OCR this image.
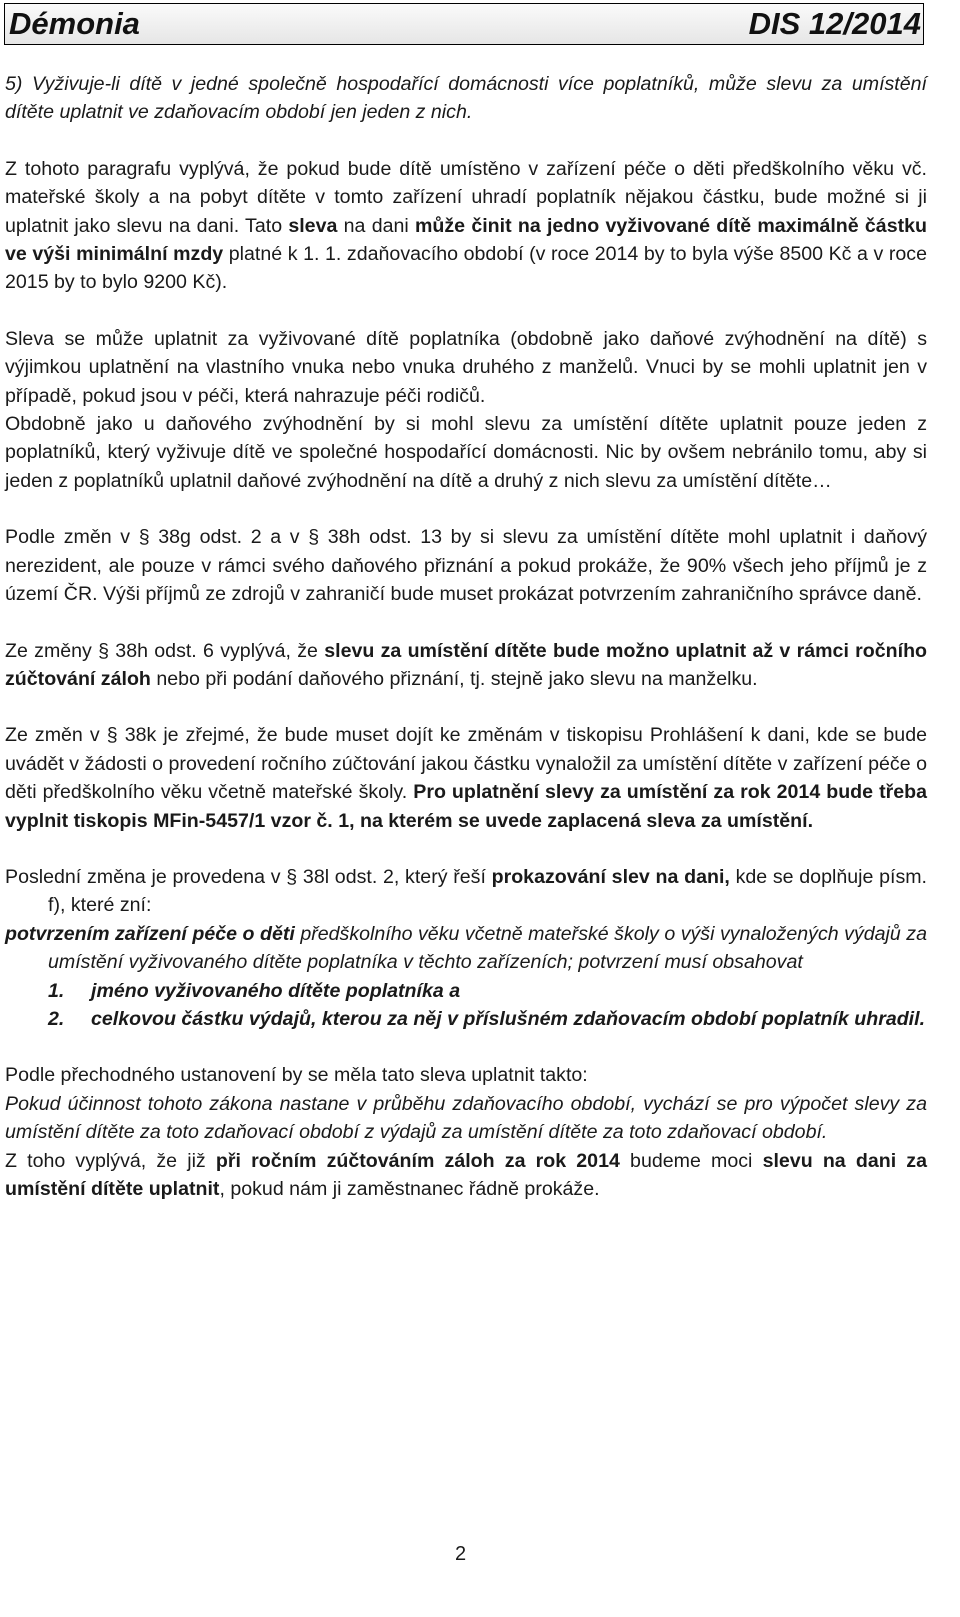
Démonia	DIS 12/2014

5) Vyživuje-li dítě v jedné společně hospodařící domácnosti více poplatníků, může slevu za umístění dítěte uplatnit ve zdaňovacím období jen jeden z nich.

Z tohoto paragrafu vyplývá, že pokud bude dítě umístěno v zařízení péče o děti předškolního věku vč. mateřské školy a na pobyt dítěte v tomto zařízení uhradí poplatník nějakou částku, bude možné si ji uplatnit jako slevu na dani. Tato sleva na dani může činit na jedno vyživované dítě maximálně částku ve výši minimální mzdy platné k 1. 1. zdaňovacího období (v roce 2014 by to byla výše 8500 Kč a v roce 2015 by to bylo 9200 Kč).

Sleva se může uplatnit za vyživované dítě poplatníka (obdobně jako daňové zvýhodnění na dítě) s výjimkou uplatnění na vlastního vnuka nebo vnuka druhého z manželů. Vnuci by se mohli uplatnit jen v případě, pokud jsou v péči, která nahrazuje péči rodičů.

Obdobně jako u daňového zvýhodnění by si mohl slevu za umístění dítěte uplatnit pouze jeden z poplatníků, který vyživuje dítě ve společné hospodařící domácnosti. Nic by ovšem nebránilo tomu, aby si jeden z poplatníků uplatnil daňové zvýhodnění na dítě a druhý z nich slevu za umístění dítěte…

Podle změn v § 38g odst. 2 a v § 38h odst. 13 by si slevu za umístění dítěte mohl uplatnit i daňový nerezident, ale pouze v rámci svého daňového přiznání a pokud prokáže, že 90% všech jeho příjmů je z území ČR. Výši příjmů ze zdrojů v zahraničí bude muset prokázat potvrzením zahraničního správce daně.

Ze změny § 38h odst. 6 vyplývá, že slevu za umístění dítěte bude možno uplatnit až v rámci ročního zúčtování záloh nebo při podání daňového přiznání, tj. stejně jako slevu na manželku.

Ze změn v § 38k je zřejmé, že bude muset dojít ke změnám v tiskopisu Prohlášení k dani, kde se bude uvádět v žádosti o provedení ročního zúčtování jakou částku vynaložil za umístění dítěte v zařízení péče o děti předškolního věku včetně mateřské školy. Pro uplatnění slevy za umístění za rok 2014 bude třeba vyplnit tiskopis MFin-5457/1 vzor č. 1, na kterém se uvede zaplacená sleva za umístění.

Poslední změna je provedena v § 38l odst. 2, který řeší prokazování slev na dani, kde se doplňuje písm. f), které zní:

potvrzením zařízení péče o děti předškolního věku včetně mateřské školy o výši vynaložených výdajů za umístění vyživovaného dítěte poplatníka v těchto zařízeních; potvrzení musí obsahovat

1.	jméno vyživovaného dítěte poplatníka a
2.	celkovou částku výdajů, kterou za něj v příslušném zdaňovacím období poplatník uhradil.

Podle přechodného ustanovení by se měla tato sleva uplatnit takto:

Pokud účinnost tohoto zákona nastane v průběhu zdaňovacího období, vychází se pro výpočet slevy za umístění dítěte za toto zdaňovací období z výdajů za umístění dítěte za toto zdaňovací období.

Z toho vyplývá, že již při ročním zúčtováním záloh za rok 2014 budeme moci slevu na dani za umístění dítěte uplatnit, pokud nám ji zaměstnanec řádně prokáže.

2
